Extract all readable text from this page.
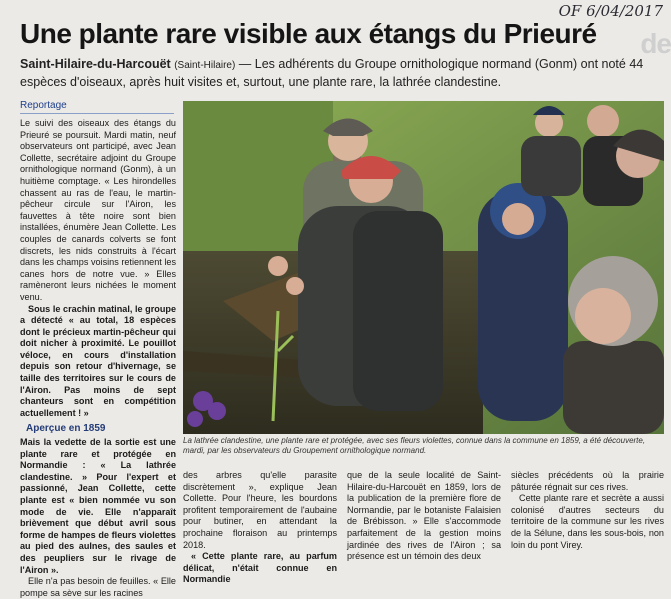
OF 6/04/2017
de
Une plante rare visible aux étangs du Prieuré
Saint-Hilaire-du-Harcouët (Saint-Hilaire) — Les adhérents du Groupe ornithologique normand (Gonm) ont noté 44 espèces d'oiseaux, après huit visites et, surtout, une plante rare, la lathrée clandestine.
Reportage

Le suivi des oiseaux des étangs du Prieuré se poursuit. Mardi matin, neuf observateurs ont participé, avec Jean Collette, secrétaire adjoint du Groupe ornithologique normand (Gonm), à un huitième comptage. « Les hirondelles chassent au ras de l'eau, le martin-pêcheur circule sur l'Airon, les fauvettes à tête noire sont bien installées, énumère Jean Collette. Les couples de canards colverts se font discrets, les nids construits à l'écart dans les champs voisins retiennent les canes hors de notre vue. » Elles ramèneront leurs nichées le moment venu.

Sous le crachin matinal, le groupe a détecté « au total, 18 espèces dont le précieux martin-pêcheur qui doit nicher à proximité. Le pouillot véloce, en cours d'installation depuis son retour d'hivernage, se taille des territoires sur le cours de l'Airon. Pas moins de sept chanteurs sont en compétition actuellement ! »

Aperçue en 1859

Mais la vedette de la sortie est une plante rare et protégée en Normandie : « La lathrée clandestine. » Pour l'expert et passionné, Jean Collette, cette plante est « bien nommée vu son mode de vie. Elle n'apparaît brièvement que début avril sous forme de hampes de fleurs violettes au pied des aulnes, des saules et des peupliers sur le rivage de l'Airon ».

Elle n'a pas besoin de feuilles. « Elle pompe sa sève sur les racines

La lathrée clandestine, une plante rare et protégée, avec ses fleurs violettes, connue dans la commune en 1859, a été découverte, mardi, par les observateurs du Groupement ornithologique normand.

des arbres qu'elle parasite discrètement », explique Jean Collette. Pour l'heure, les bourdons profitent temporairement de l'aubaine pour butiner, en attendant la prochaine floraison au printemps 2018.

« Cette plante rare, au parfum délicat, n'était connue en Normandie

que de la seule localité de Saint-Hilaire-du-Harcouët en 1859, lors de la publication de la première flore de Normandie, par le botaniste Falaisien de Brébisson. » Elle s'accommode parfaitement de la gestion moins jardinée des rives de l'Airon ; sa présence est un témoin des deux

siècles précédents où la prairie pâturée régnait sur ces rives.

Cette plante rare et secrète a aussi colonisé d'autres secteurs du territoire de la commune sur les rives de la Sélune, dans les sous-bois, non loin du pont Virey.
